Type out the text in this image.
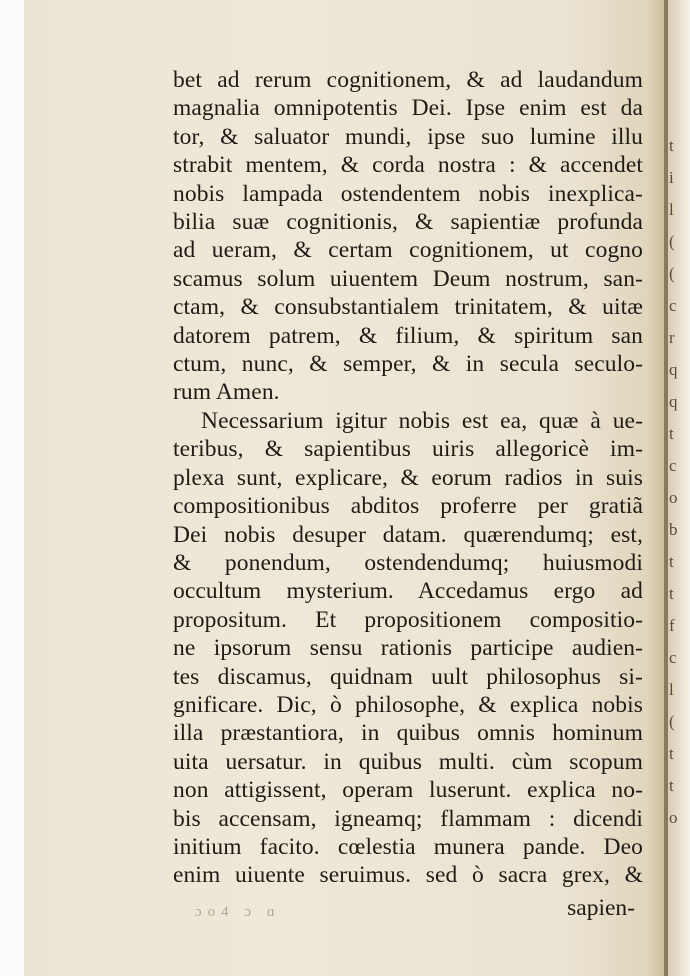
t
i
l
(
(
c
r
q
q
t
c
o
b
t
t
f
c
l
(
t
t
o
bet ad rerum cognitionem, & ad laudandum
magnalia omnipotentis Dei. Ipse enim est da
tor, & saluator mundi, ipse suo lumine illu
strabit mentem, & corda nostra : & accendet
nobis lampada ostendentem nobis inexplica-
bilia suæ cognitionis, & sapientiæ profunda
ad ueram, & certam cognitionem, ut cogno
scamus solum uiuentem Deum nostrum, san-
ctam, & consubstantialem trinitatem, & uitæ
datorem patrem, & filium, & spiritum san
ctum, nunc, & semper, & in secula seculo-
rum Amen.
Necessarium igitur nobis est ea, quæ à ue-
teribus, & sapientibus uiris allegoricè im-
plexa sunt, explicare, & eorum radios in suis
compositionibus abditos proferre per gratiã
Dei nobis desuper datam. quærendumq; est,
& ponendum, ostendendumq; huiusmodi
occultum mysterium. Accedamus ergo ad
propositum. Et propositionem compositio-
ne ipsorum sensu rationis participe audien-
tes discamus, quidnam uult philosophus si-
gnificare. Dic, ò philosophe, & explica nobis
illa præstantiora, in quibus omnis hominum
uita uersatur. in quibus multi. cùm scopum
non attigissent, operam luserunt. explica no-
bis accensam, igneamq; flammam : dicendi
initium facito. cœlestia munera pande. Deo
enim uiuente seruimus. sed ò sacra grex, &
sapien-
ɔo4 ɔ ɑ
